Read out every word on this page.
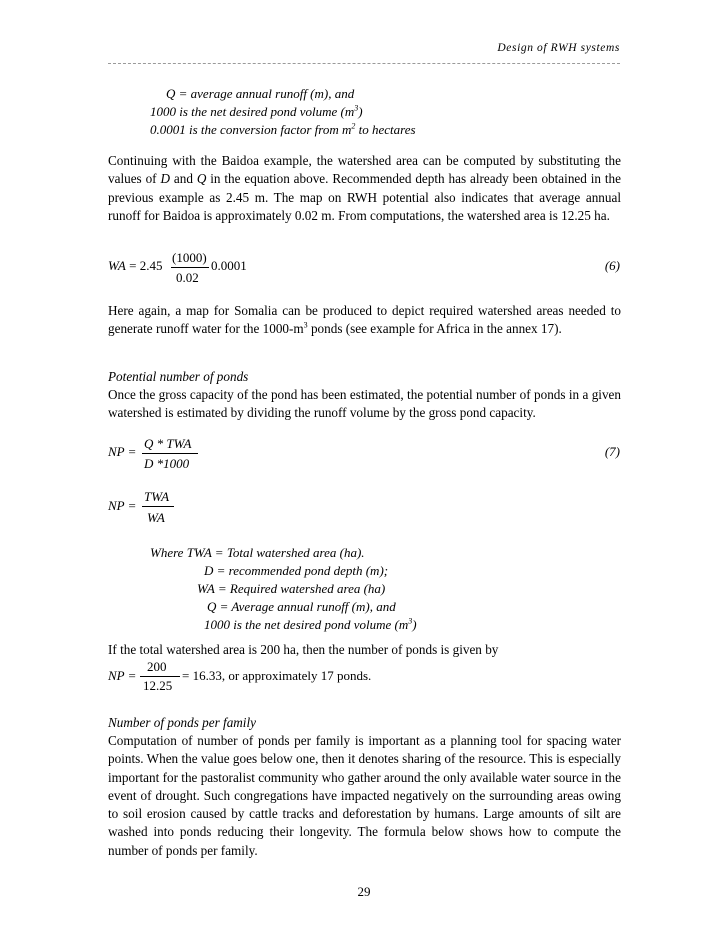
Design of RWH systems
Q = average annual runoff (m), and
1000 is the net desired pond volume $(m^3)$
0.0001 is the conversion factor from $m^2$ to hectares
Continuing with the Baidoa example, the watershed area can be computed by substituting the values of D and Q in the equation above. Recommended depth has already been obtained in the previous example as 2.45 m. The map on RWH potential also indicates that average annual runoff for Baidoa is approximately 0.02 m. From computations, the watershed area is 12.25 ha.
WA = 2.45
(1000)
0.02
0.0001	(6)
Here again, a map for Somalia can be produced to depict required watershed areas needed to generate runoff water for the $1000-m^3$ ponds (see example for Africa in the annex 17).
Potential number of ponds
Once the gross capacity of the pond has been estimated, the potential number of ponds in a given watershed is estimated by dividing the runoff volume by the gross pond capacity.
NP =
Q * TWA
D *1000
(7)
NP =
TWA
WA
Where TWA = Total watershed area (ha).
D = recommended pond depth (m);
WA = Required watershed area (ha)
Q = Average annual runoff (m), and
1000 is the net desired pond volume $(m^3)$
If the total watershed area is 200 ha, then the number of ponds is given by
NP =
200
12.25
= 16.33, or approximately 17 ponds.
Number of ponds per family
Computation of number of ponds per family is important as a planning tool for spacing water points. When the value goes below one, then it denotes sharing of the resource. This is especially important for the pastoralist community who gather around the only available water source in the event of drought. Such congregations have impacted negatively on the surrounding areas owing to soil erosion caused by cattle tracks and deforestation by humans. Large amounts of silt are washed into ponds reducing their longevity. The formula below shows how to compute the number of ponds per family.
29
